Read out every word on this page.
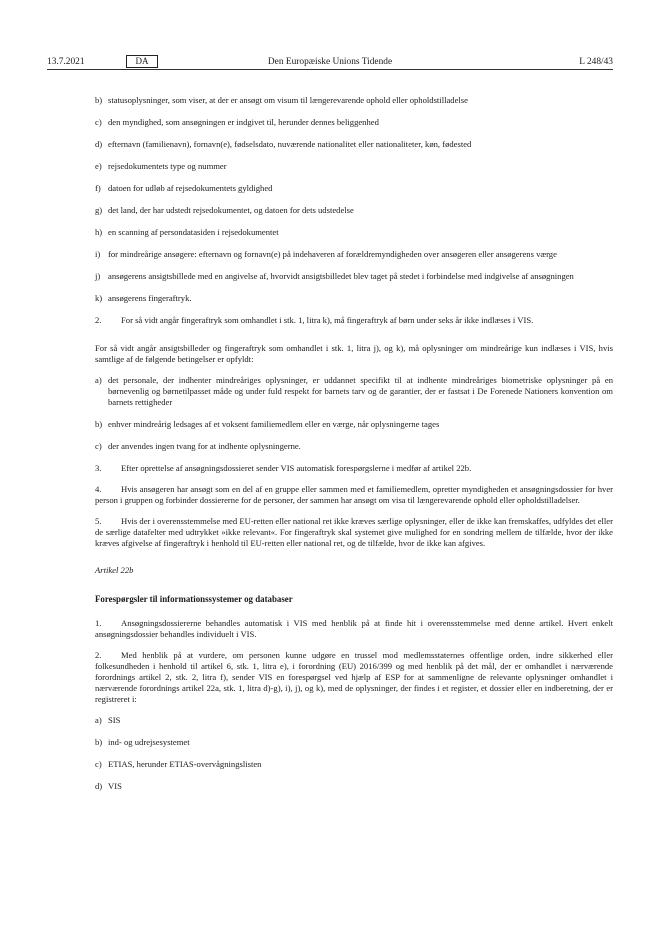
13.7.2021	DA	Den Europæiske Unions Tidende	L 248/43
b) statusoplysninger, som viser, at der er ansøgt om visum til længerevarende ophold eller opholdstilladelse
c) den myndighed, som ansøgningen er indgivet til, herunder dennes beliggenhed
d) efternavn (familienavn), fornavn(e), fødselsdato, nuværende nationalitet eller nationaliteter, køn, fødested
e) rejsedokumentets type og nummer
f) datoen for udløb af rejsedokumentets gyldighed
g) det land, der har udstedt rejsedokumentet, og datoen for dets udstedelse
h) en scanning af persondatasiden i rejsedokumentet
i) for mindreårige ansøgere: efternavn og fornavn(e) på indehaveren af forældremyndigheden over ansøgeren eller ansøgerens værge
j) ansøgerens ansigtsbillede med en angivelse af, hvorvidt ansigtsbilledet blev taget på stedet i forbindelse med indgivelse af ansøgningen
k) ansøgerens fingeraftryk.

2. For så vidt angår fingeraftryk som omhandlet i stk. 1, litra k), må fingeraftryk af børn under seks år ikke indlæses i VIS.

For så vidt angår ansigtsbilleder og fingeraftryk som omhandlet i stk. 1, litra j), og k), må oplysninger om mindreårige kun indlæses i VIS, hvis samtlige af de følgende betingelser er opfyldt:

a) det personale, der indhenter mindreåriges oplysninger, er uddannet specifikt til at indhente mindreåriges biometriske oplysninger på en børnevenlig og børnetilpasset måde og under fuld respekt for barnets tarv og de garantier, der er fastsat i De Forenede Nationers konvention om barnets rettigheder
b) enhver mindreårig ledsages af et voksent familiemedlem eller en værge, når oplysningerne tages
c) der anvendes ingen tvang for at indhente oplysningerne.

3. Efter oprettelse af ansøgningsdossieret sender VIS automatisk forespørgslerne i medfør af artikel 22b.

4. Hvis ansøgeren har ansøgt som en del af en gruppe eller sammen med et familiemedlem, opretter myndigheden et ansøgningsdossier for hver person i gruppen og forbinder dossiererne for de personer, der sammen har ansøgt om visa til længerevarende ophold eller opholdstilladelser.

5. Hvis der i overensstemmelse med EU-retten eller national ret ikke kræves særlige oplysninger, eller de ikke kan fremskaffes, udfyldes det eller de særlige datafelter med udtrykket »ikke relevant«. For fingeraftryk skal systemet give mulighed for en sondring mellem de tilfælde, hvor der ikke kræves afgivelse af fingeraftryk i henhold til EU-retten eller national ret, og de tilfælde, hvor de ikke kan afgives.

Artikel 22b

Forespørgsler til informationssystemer og databaser

1. Ansøgningsdossiererne behandles automatisk i VIS med henblik på at finde hit i overensstemmelse med denne artikel. Hvert enkelt ansøgningsdossier behandles individuelt i VIS.

2. Med henblik på at vurdere, om personen kunne udgøre en trussel mod medlemsstaternes offentlige orden, indre sikkerhed eller folkesundheden i henhold til artikel 6, stk. 1, litra e), i forordning (EU) 2016/399 og med henblik på det mål, der er omhandlet i nærværende forordnings artikel 2, stk. 2, litra f), sender VIS en forespørgsel ved hjælp af ESP for at sammenligne de relevante oplysninger omhandlet i nærværende forordnings artikel 22a, stk. 1, litra d)-g), i), j), og k), med de oplysninger, der findes i et register, et dossier eller en indberetning, der er registreret i:

a) SIS
b) ind- og udrejsesystemet
c) ETIAS, herunder ETIAS-overvågningslisten
d) VIS
